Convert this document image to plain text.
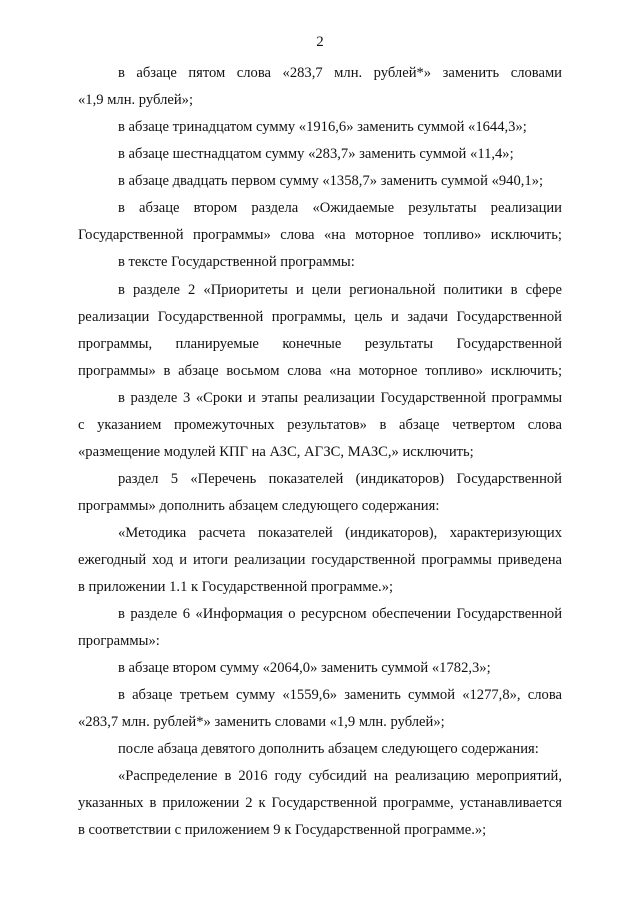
2
в абзаце пятом слова «283,7 млн. рублей*» заменить словами
«1,9 млн. рублей»;
в абзаце тринадцатом сумму «1916,6» заменить суммой «1644,3»;
в абзаце шестнадцатом сумму «283,7» заменить суммой «11,4»;
в абзаце двадцать первом сумму «1358,7» заменить суммой «940,1»;
в абзаце втором раздела «Ожидаемые результаты реализации
Государственной программы» слова «на моторное топливо» исключить;
в тексте Государственной программы:
в разделе 2 «Приоритеты и цели региональной политики в сфере
реализации Государственной программы, цель и задачи Государственной
программы, планируемые конечные результаты Государственной
программы» в абзаце восьмом слова «на моторное топливо» исключить;
в разделе 3 «Сроки и этапы реализации Государственной программы
с указанием промежуточных результатов» в абзаце четвертом слова
«размещение модулей КПГ на АЗС, АГЗС, МАЗС,» исключить;
раздел 5 «Перечень показателей (индикаторов) Государственной
программы» дополнить абзацем следующего содержания:
«Методика расчета показателей (индикаторов), характеризующих
ежегодный ход и итоги реализации государственной программы приведена
в приложении 1.1 к Государственной программе.»;
в разделе 6 «Информация о ресурсном обеспечении Государственной
программы»:
в абзаце втором сумму «2064,0» заменить суммой «1782,3»;
в абзаце третьем сумму «1559,6» заменить суммой «1277,8», слова
«283,7 млн. рублей*» заменить словами «1,9 млн. рублей»;
после абзаца девятого дополнить абзацем следующего содержания:
«Распределение в 2016 году субсидий на реализацию мероприятий,
указанных в приложении 2 к Государственной программе, устанавливается
в соответствии с приложением 9 к Государственной программе.»;
